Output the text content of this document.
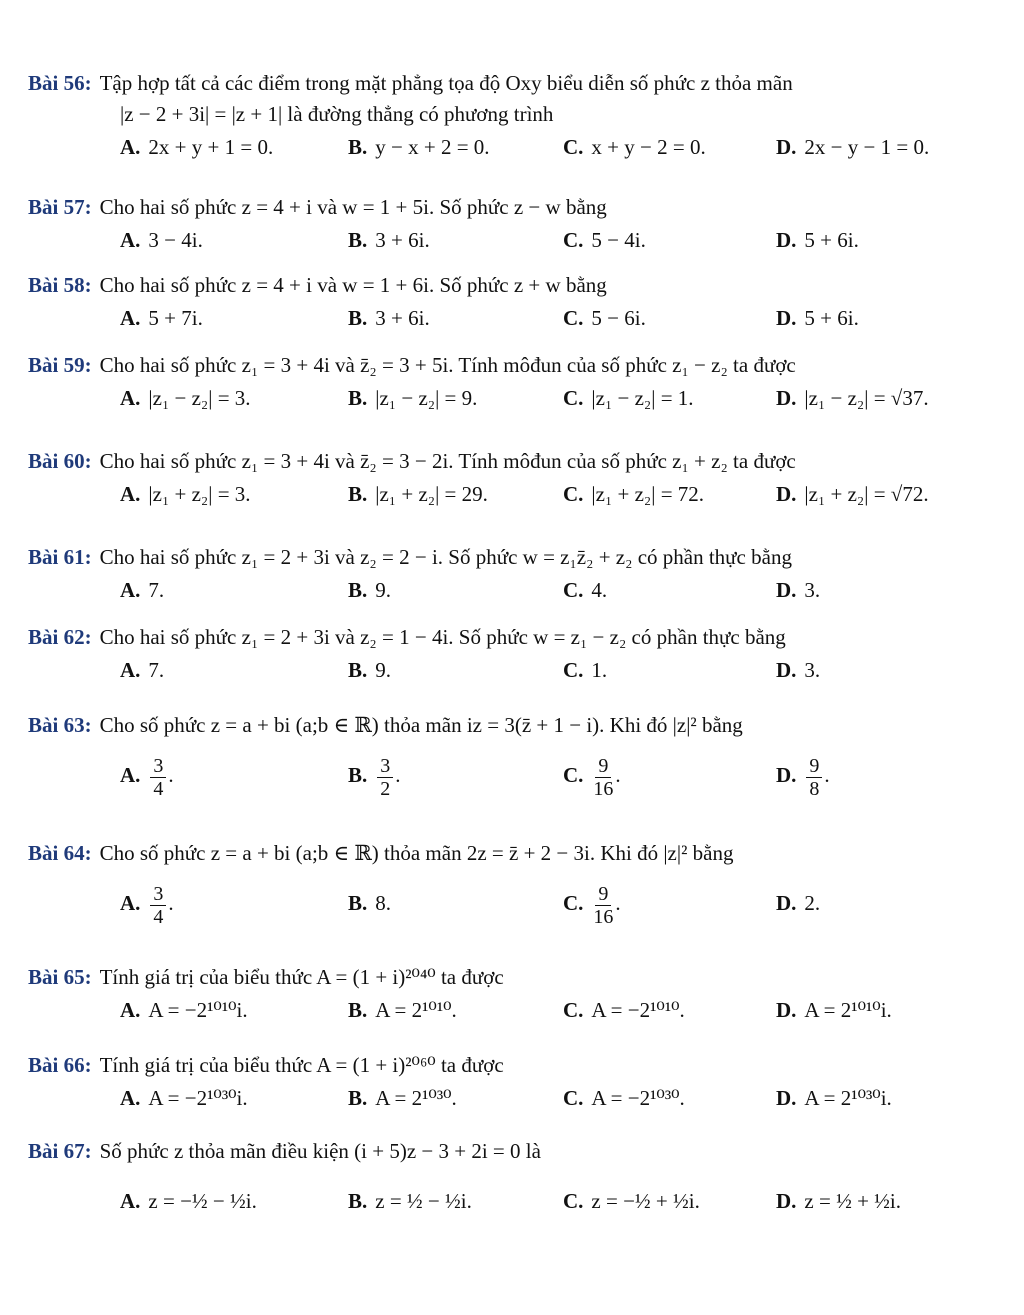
Bài 56: Tập hợp tất cả các điểm trong mặt phẳng tọa độ Oxy biểu diễn số phức z thỏa mãn
|z − 2 + 3i| = |z + 1| là đường thẳng có phương trình
A. 2x + y + 1 = 0.	B. y − x + 2 = 0.	C. x + y − 2 = 0.	D. 2x − y − 1 = 0.
Bài 57: Cho hai số phức z = 4 + i và w = 1 + 5i. Số phức z − w bằng
A. 3 − 4i.	B. 3 + 6i.	C. 5 − 4i.	D. 5 + 6i.
Bài 58: Cho hai số phức z = 4 + i và w = 1 + 6i. Số phức z + w bằng
A. 5 + 7i.	B. 3 + 6i.	C. 5 − 6i.	D. 5 + 6i.
Bài 59: Cho hai số phức z₁ = 3 + 4i và z̄₂ = 3 + 5i. Tính môđun của số phức z₁ − z₂ ta được
A. |z₁ − z₂| = 3.	B. |z₁ − z₂| = 9.	C. |z₁ − z₂| = 1.	D. |z₁ − z₂| = √37.
Bài 60: Cho hai số phức z₁ = 3 + 4i và z̄₂ = 3 − 2i. Tính môđun của số phức z₁ + z₂ ta được
A. |z₁ + z₂| = 3.	B. |z₁ + z₂| = 29.	C. |z₁ + z₂| = 72.	D. |z₁ + z₂| = √72.
Bài 61: Cho hai số phức z₁ = 2 + 3i và z₂ = 2 − i. Số phức w = z₁z̄₂ + z₂ có phần thực bằng
A. 7.	B. 9.	C. 4.	D. 3.
Bài 62: Cho hai số phức z₁ = 2 + 3i và z₂ = 1 − 4i. Số phức w = z₁ − z₂ có phần thực bằng
A. 7.	B. 9.	C. 1.	D. 3.
Bài 63: Cho số phức z = a + bi (a;b ∈ ℝ) thỏa mãn iz = 3(z̄ + 1 − i). Khi đó |z|² bằng
A. $\frac{3}{4}$ .	B. $\frac{3}{2}$ .	C. $\frac{9}{16}$ .	D. $\frac{9}{8}$ .
Bài 64: Cho số phức z = a + bi (a;b ∈ ℝ) thỏa mãn 2z = z̄ + 2 − 3i. Khi đó |z|² bằng
A. $\frac{3}{4}$ .	B. 8.	C. $\frac{9}{16}$ .	D. 2.
Bài 65: Tính giá trị của biểu thức A = (1 + i)²⁰⁴⁰ ta được
A. A = −2¹⁰¹⁰i.	B. A = 2¹⁰¹⁰.	C. A = −2¹⁰¹⁰.	D. A = 2¹⁰¹⁰i.
Bài 66: Tính giá trị của biểu thức A = (1 + i)²⁰⁶⁰ ta được
A. A = −2¹⁰³⁰i.	B. A = 2¹⁰³⁰.	C. A = −2¹⁰³⁰.	D. A = 2¹⁰³⁰i.
Bài 67: Số phức z thỏa mãn điều kiện (i + 5)z − 3 + 2i = 0 là
A. z = −½ − ½i.	B. z = ½ − ½i.	C. z = −½ + ½i.	D. z = ½ + ½i.
